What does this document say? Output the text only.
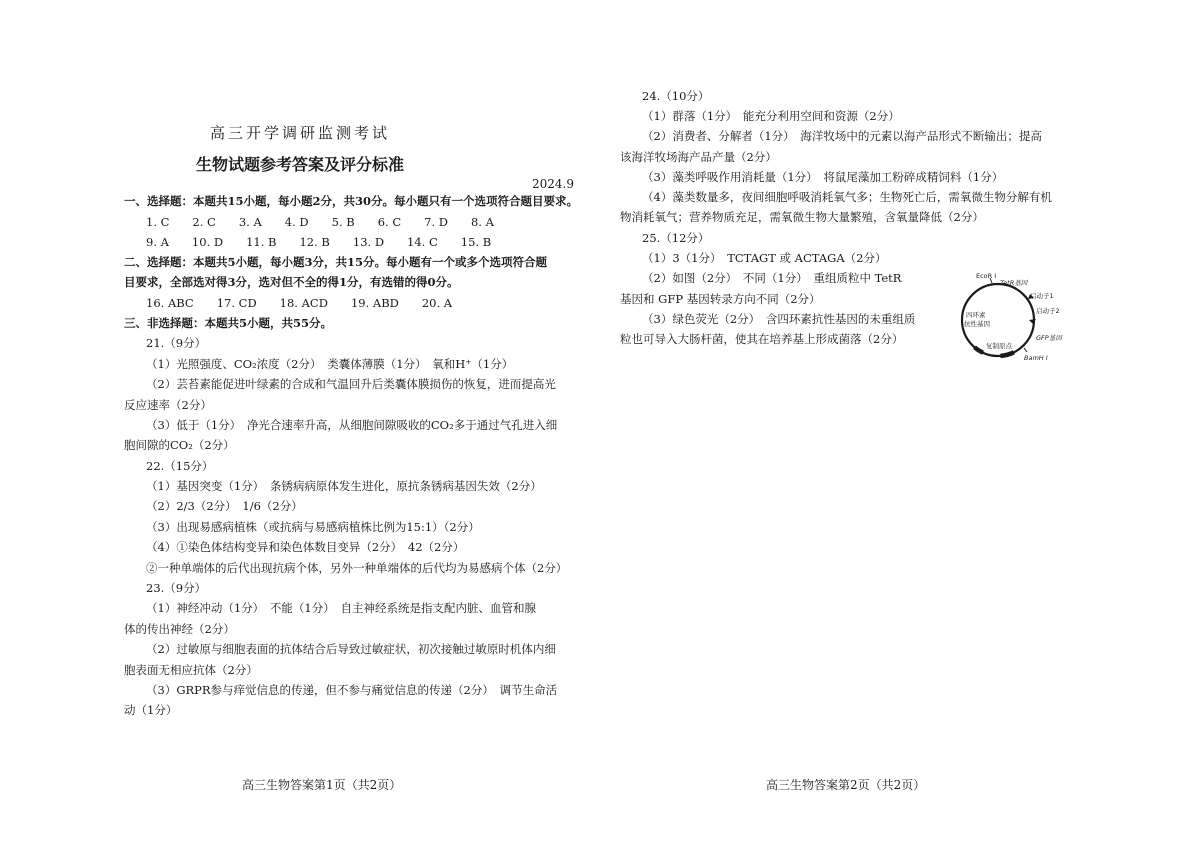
高三开学调研监测考试
生物试题参考答案及评分标准
2024.9
一、选择题：本题共15小题，每小题2分，共30分。每小题只有一个选项符合题目要求。
1. C　　2. C　　3. A　　4. D　　5. B　　6. C　　7. D　　8. A
9. A　　10. D　　11. B　　12. B　　13. D　　14. C　　15. B
二、选择题：本题共5小题，每小题3分，共15分。每小题有一个或多个选项符合题
目要求，全部选对得3分，选对但不全的得1分，有选错的得0分。
16. ABC　　17. CD　　18. ACD　　19. ABD　　20. A
三、非选择题：本题共5小题，共55分。
21.（9分）
（1）光照强度、CO₂浓度（2分）　类囊体薄膜（1分）　氧和H⁺（1分）
（2）芸苔素能促进叶绿素的合成和气温回升后类囊体膜损伤的恢复，进而提高光
反应速率（2分）
（3）低于（1分）　净光合速率升高，从细胞间隙吸收的CO₂多于通过气孔进入细
胞间隙的CO₂（2分）
22.（15分）
（1）基因突变（1分）　条锈病病原体发生进化，原抗条锈病基因失效（2分）
（2）2/3（2分）　1/6（2分）
（3）出现易感病植株（或抗病与易感病植株比例为15:1）（2分）
（4）①染色体结构变异和染色体数目变异（2分）　42（2分）
②一种单端体的后代出现抗病个体，另外一种单端体的后代均为易感病个体（2分）
23.（9分）
（1）神经冲动（1分）　不能（1分）　自主神经系统是指支配内脏、血管和腺
体的传出神经（2分）
（2）过敏原与细胞表面的抗体结合后导致过敏症状，初次接触过敏原时机体内细
胞表面无相应抗体（2分）
（3）GRPR参与痒觉信息的传递，但不参与痛觉信息的传递（2分）　调节生命活
动（1分）
高三生物答案第1页（共2页）
24.（10分）
（1）群落（1分）　能充分利用空间和资源（2分）
（2）消费者、分解者（1分）　海洋牧场中的元素以海产品形式不断输出；提高
该海洋牧场海产品产量（2分）
（3）藻类呼吸作用消耗量（1分）　将鼠尾藻加工粉碎成精饲料（1分）
（4）藻类数量多，夜间细胞呼吸消耗氧气多；生物死亡后，需氧微生物分解有机
物消耗氧气；营养物质充足，需氧微生物大量繁殖，含氧量降低（2分）
25.（12分）
（1）3（1分）　TCTAGT 或 ACTAGA（2分）
（2）如图（2分）　不同（1分）　重组质粒中 TetR
基因和 GFP 基因转录方向不同（2分）
（3）绿色荧光（2分）　含四环素抗性基因的未重组质
粒也可导入大肠杆菌，使其在培养基上形成菌落（2分）
高三生物答案第2页（共2页）
EcoR I
TetR基因
启动子1
启动子2
GFP基因
BamH I
复制原点
四环素
抗性基因
